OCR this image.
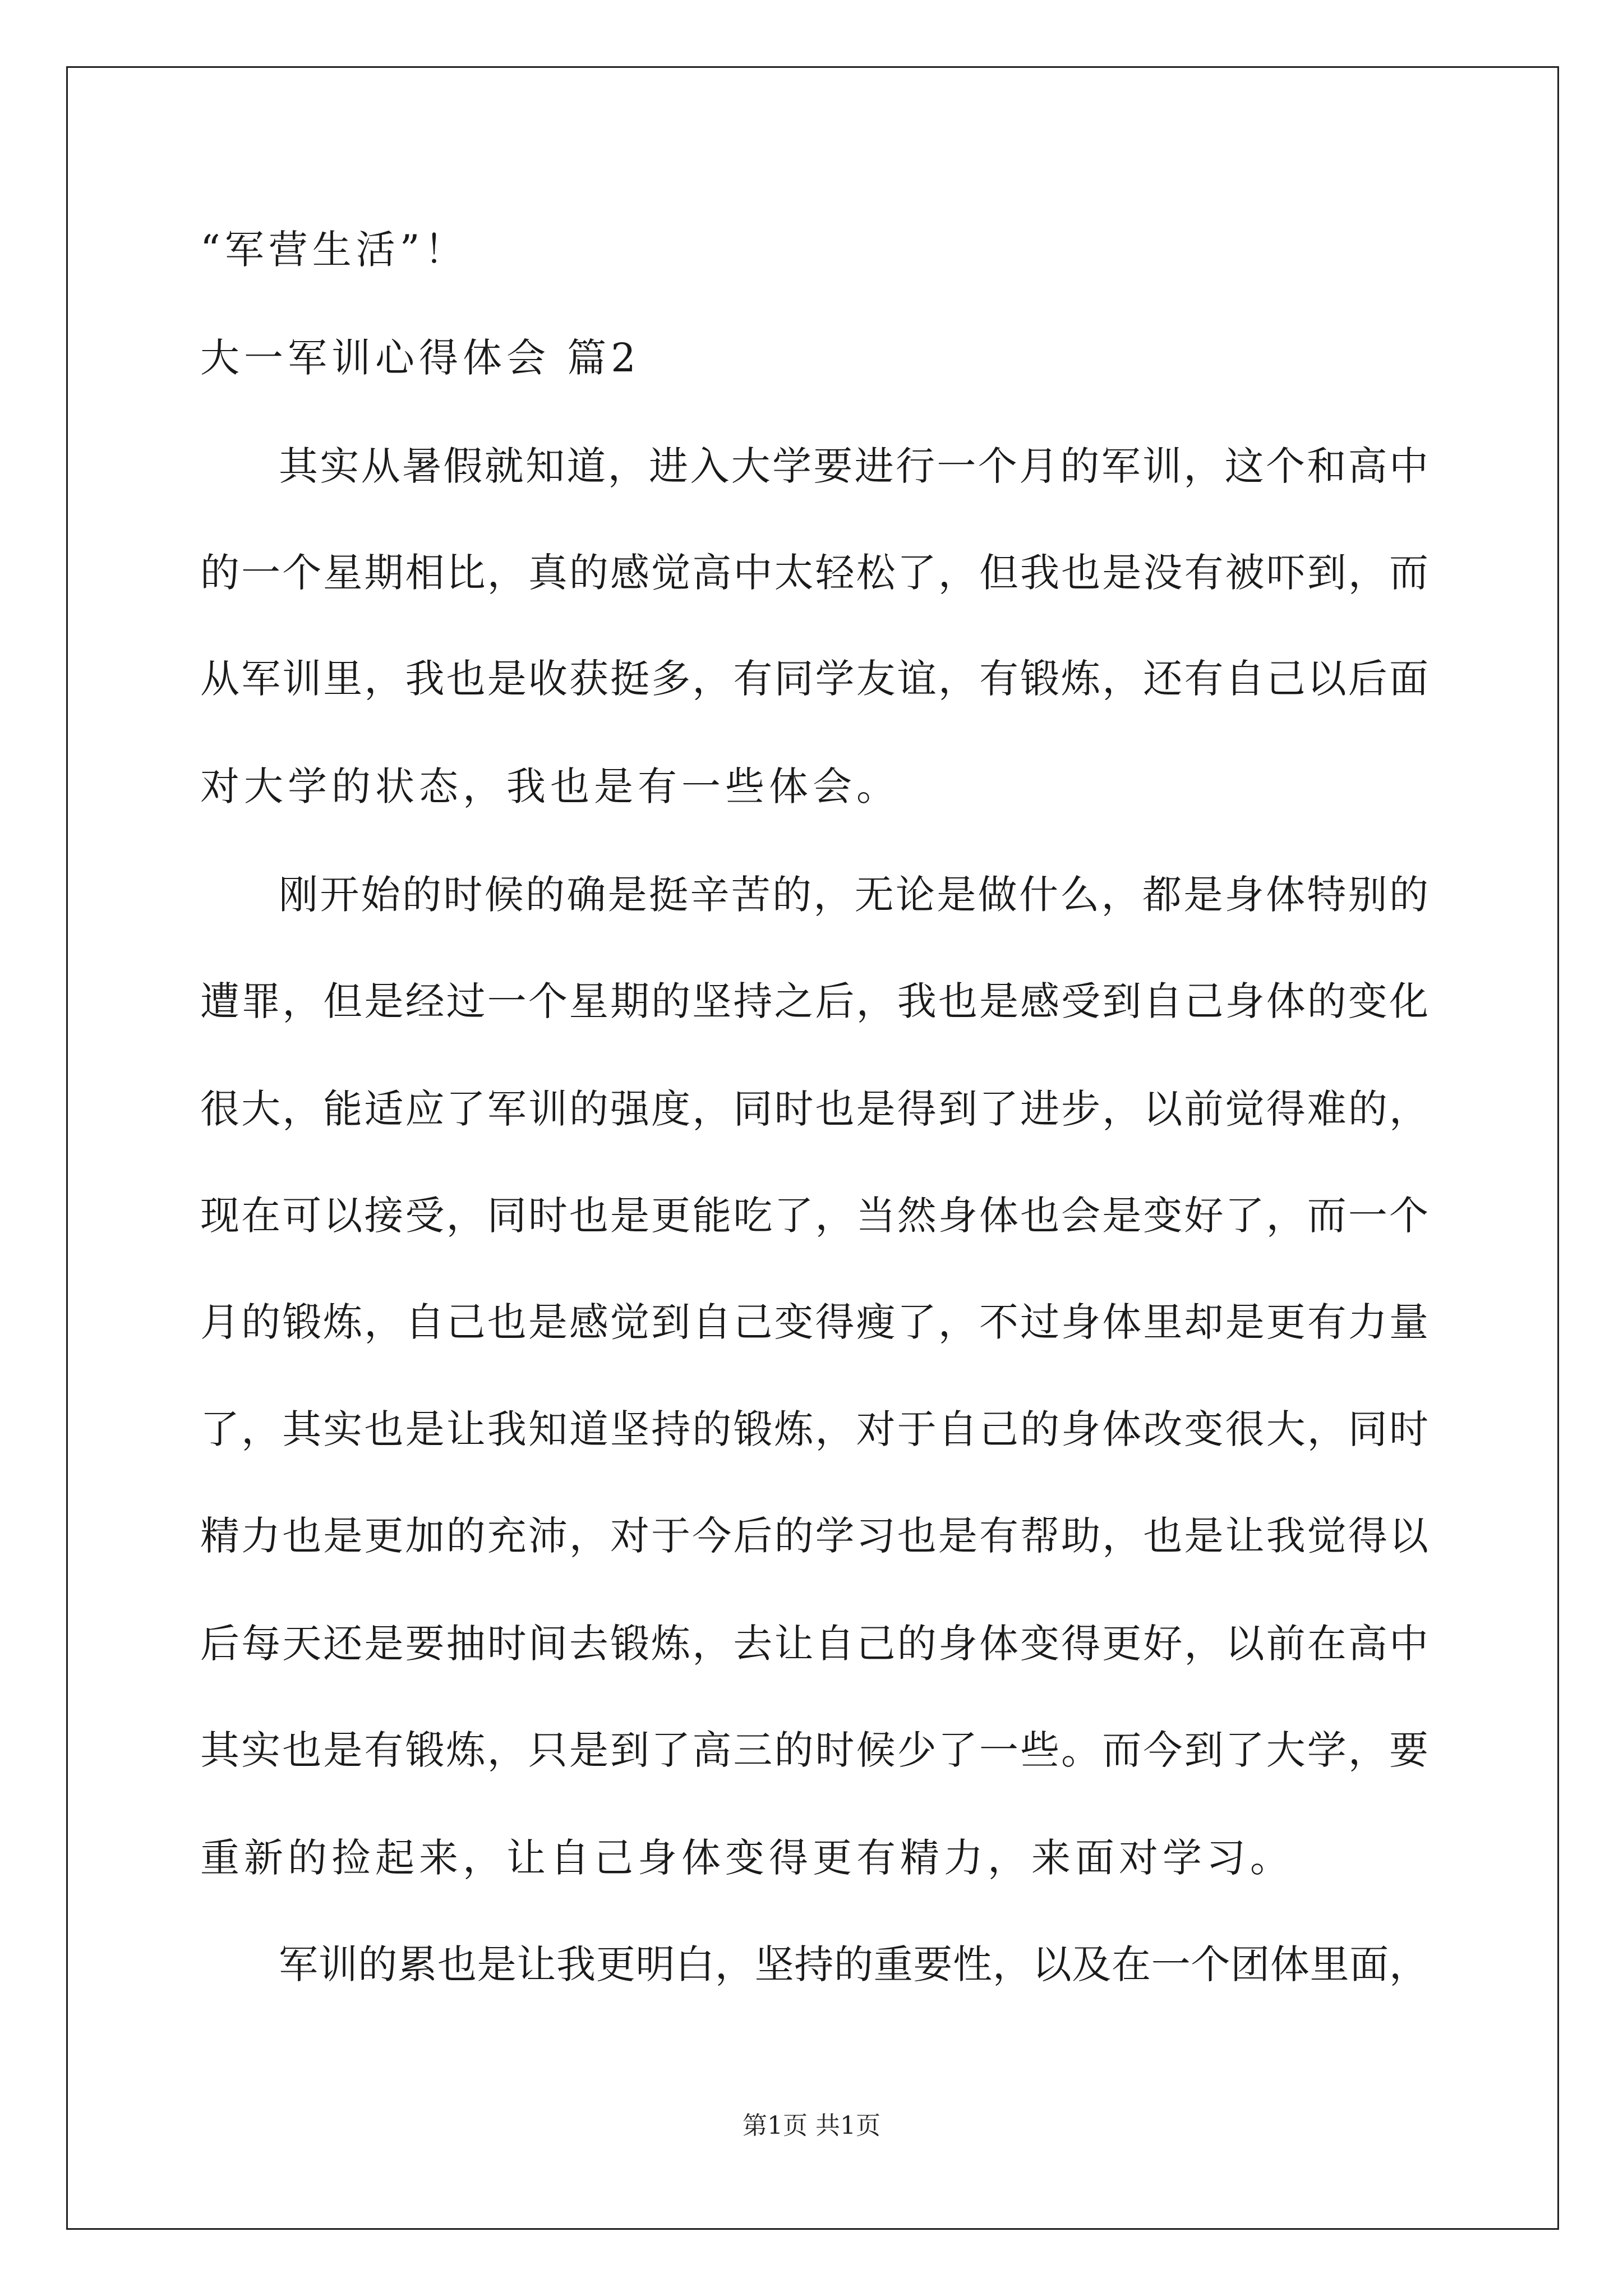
“军营生活”！

大一军训心得体会 篇2

其实从暑假就知道，进入大学要进行一个月的军训，这个和高中

的一个星期相比，真的感觉高中太轻松了，但我也是没有被吓到，而

从军训里，我也是收获挺多，有同学友谊，有锻炼，还有自己以后面

对大学的状态，我也是有一些体会。

刚开始的时候的确是挺辛苦的，无论是做什么，都是身体特别的

遭罪，但是经过一个星期的坚持之后，我也是感受到自己身体的变化

很大，能适应了军训的强度，同时也是得到了进步，以前觉得难的，

现在可以接受，同时也是更能吃了，当然身体也会是变好了，而一个

月的锻炼，自己也是感觉到自己变得瘦了，不过身体里却是更有力量

了，其实也是让我知道坚持的锻炼，对于自己的身体改变很大，同时

精力也是更加的充沛，对于今后的学习也是有帮助，也是让我觉得以

后每天还是要抽时间去锻炼，去让自己的身体变得更好，以前在高中

其实也是有锻炼，只是到了高三的时候少了一些。而今到了大学，要

重新的捡起来，让自己身体变得更有精力，来面对学习。

军训的累也是让我更明白，坚持的重要性，以及在一个团体里面，

第1页 共1页
